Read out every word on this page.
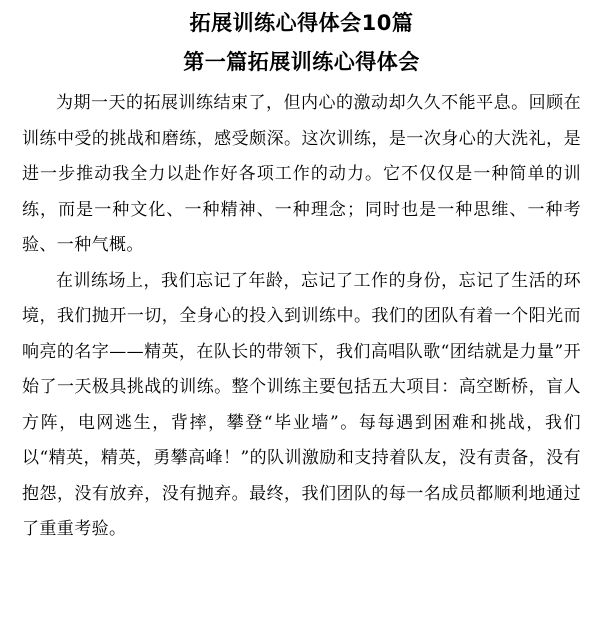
拓展训练心得体会10篇
第一篇拓展训练心得体会

为期一天的拓展训练结束了，但内心的激动却久久不能平息。回顾在训练中受的挑战和磨练，感受颇深。这次训练，是一次身心的大洗礼，是进一步推动我全力以赴作好各项工作的动力。它不仅仅是一种简单的训练，而是一种文化、一种精神、一种理念；同时也是一种思维、一种考验、一种气概。

在训练场上，我们忘记了年龄，忘记了工作的身份，忘记了生活的环境，我们抛开一切，全身心的投入到训练中。我们的团队有着一个阳光而响亮的名字——精英，在队长的带领下，我们高唱队歌“团结就是力量”开始了一天极具挑战的训练。整个训练主要包括五大项目：高空断桥，盲人方阵，电网逃生，背摔，攀登“毕业墙”。每每遇到困难和挑战，我们以“精英，精英，勇攀高峰！”的队训激励和支持着队友，没有责备，没有抱怨，没有放弃，没有抛弃。最终，我们团队的每一名成员都顺利地通过了重重考验。
